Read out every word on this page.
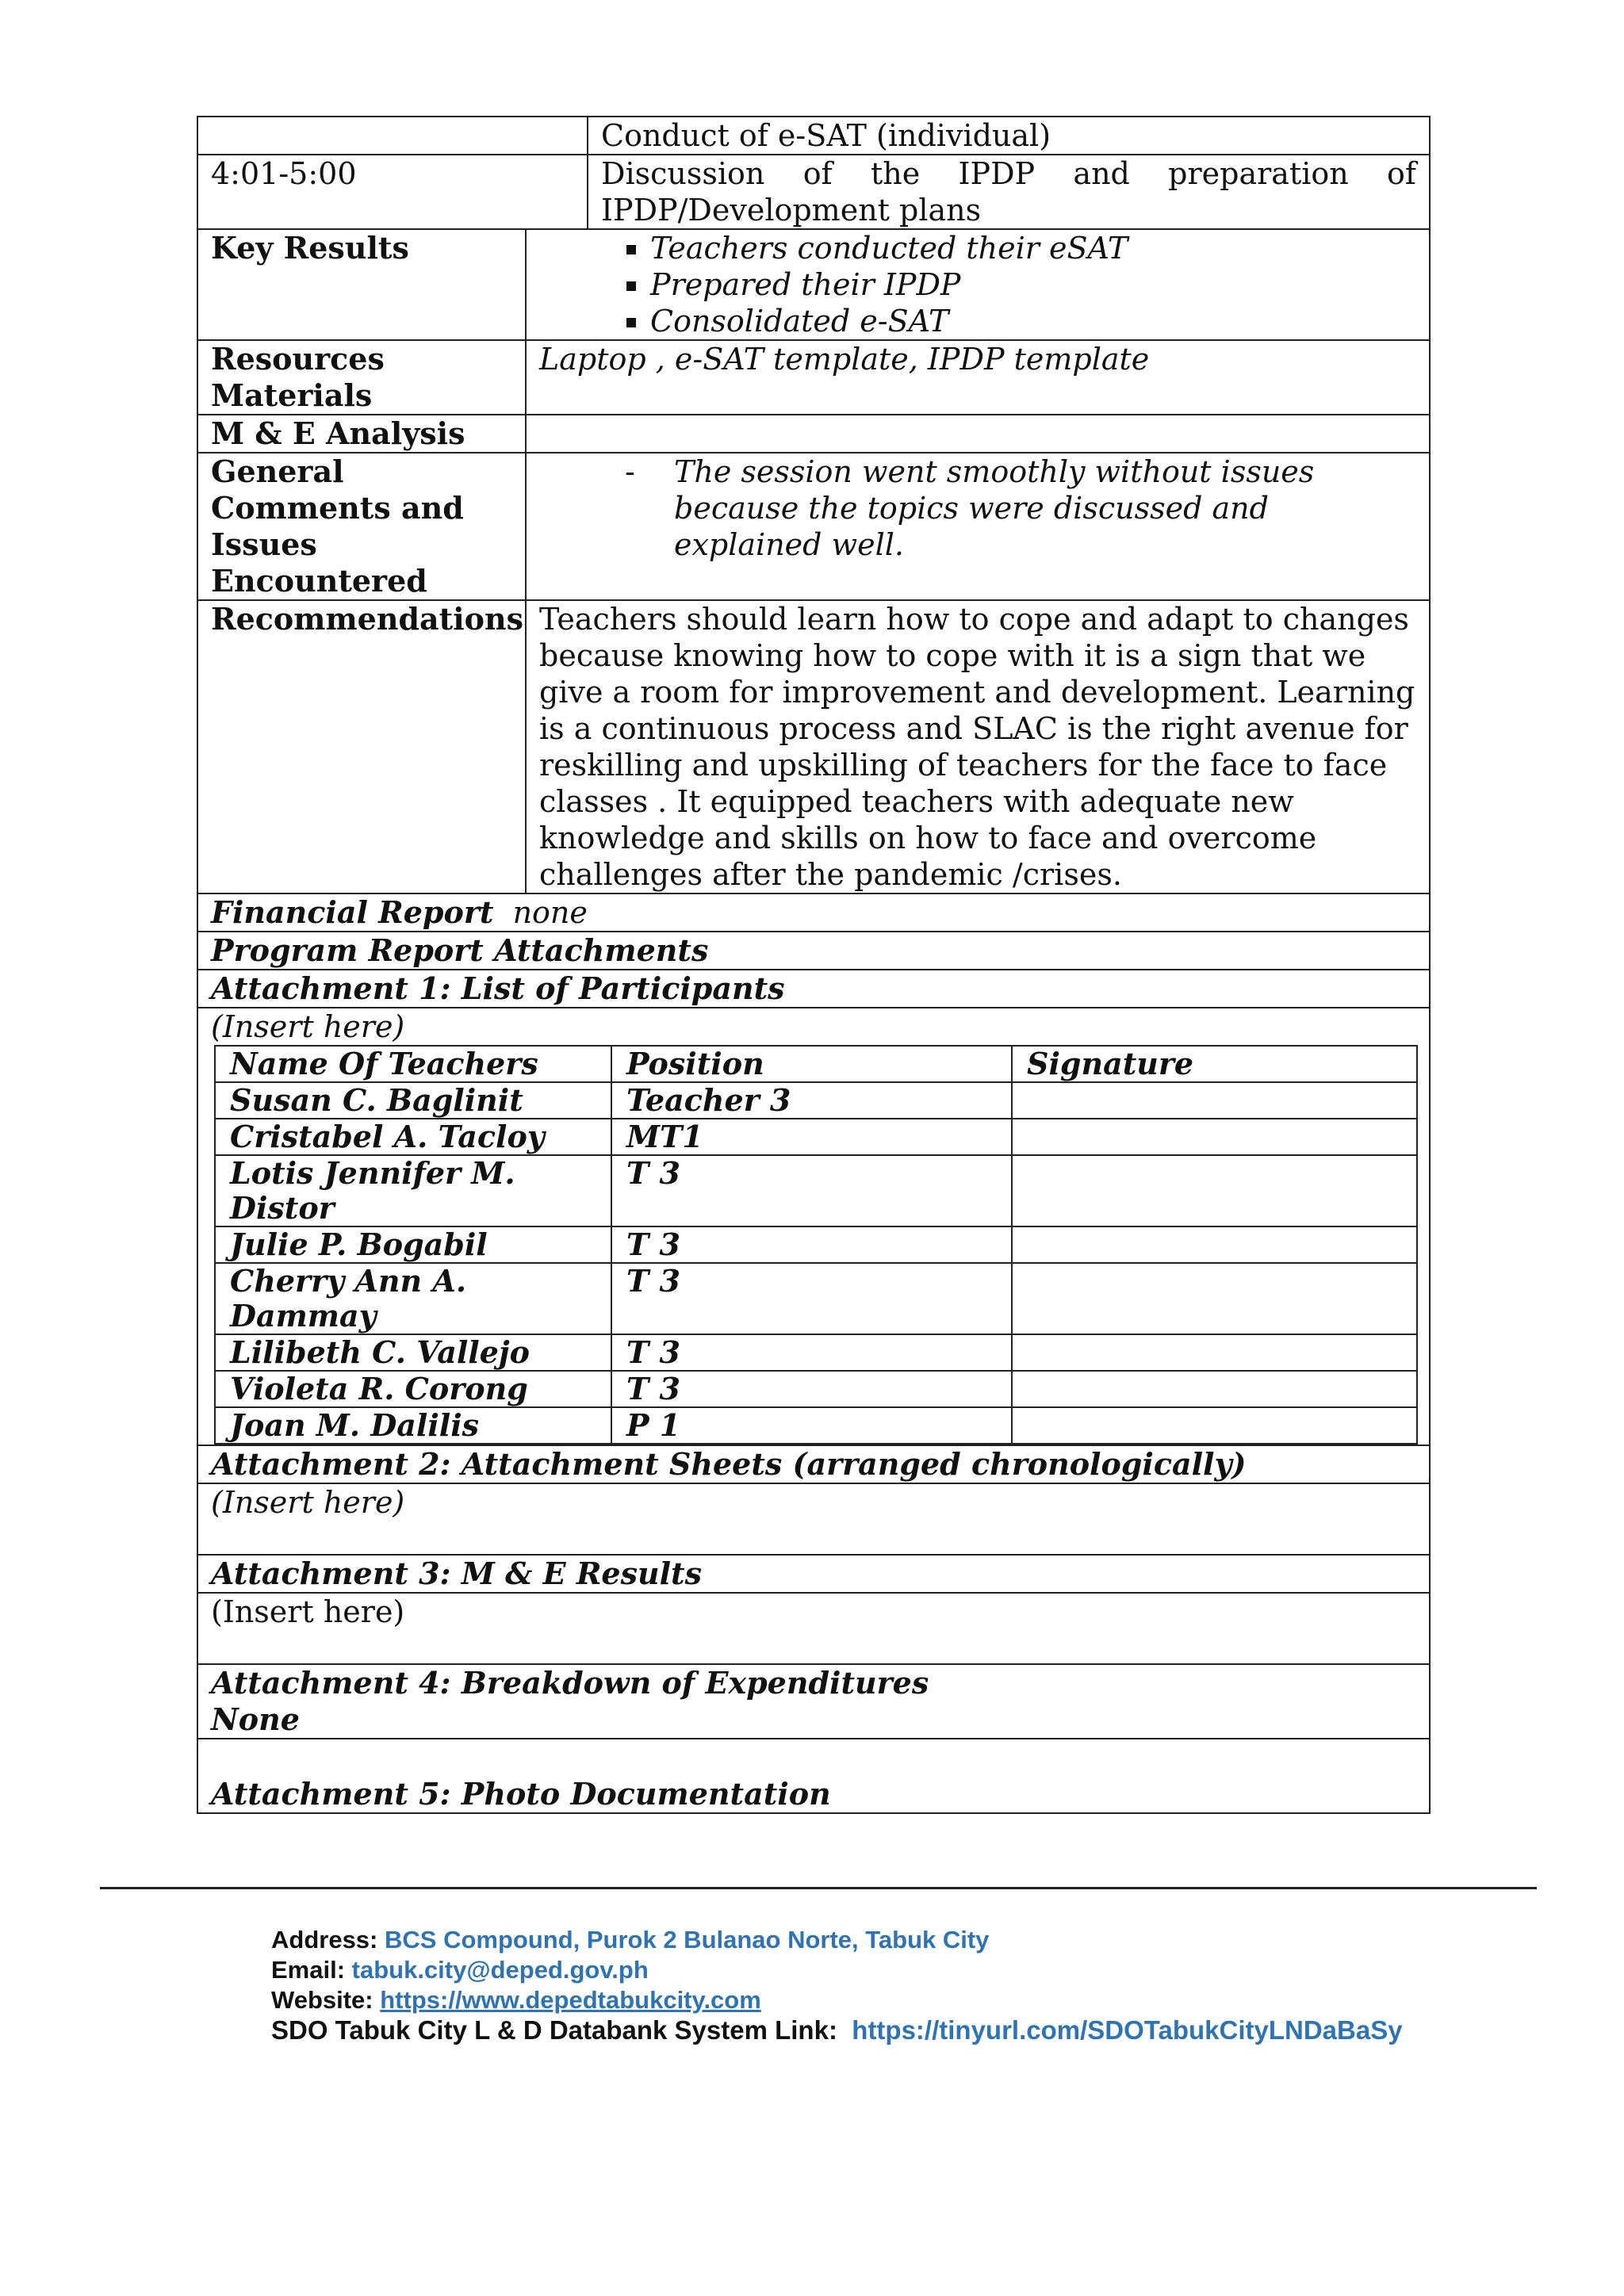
	Conduct of e-SAT (individual)
4:01-5:00	Discussion of the IPDP and preparation of IPDP/Development plans
Key Results	
▪Teachers conducted their eSAT
▪ Prepared their IPDP
▪ Consolidated e-SAT

Resources Materials	Laptop , e-SAT template, IPDP template
M & E Analysis	
General Comments and Issues Encountered	
- The session went smoothly without issues because the topics were discussed and explained well.

Recommendations	Teachers should learn how to cope and adapt to changes because knowing how to cope with it is a sign that we give a room for improvement and development. Learning is a continuous process and SLAC is the right avenue for reskilling and upskilling of teachers for the face to face classes . It equipped teachers with adequate new knowledge and skills on how to face and overcome challenges after the pandemic /crises.
Financial Report none
Program Report Attachments
Attachment 1: List of Participants

(Insert here)
Name Of Teachers	Position	Signature
Susan C. Baglinit	Teacher 3	
Cristabel A. Tacloy	MT1	
Lotis Jennifer M. Distor	T 3	
Julie P. Bogabil	T 3	
Cherry Ann A. Dammay	T 3	
Lilibeth C. Vallejo	T 3	
Violeta R. Corong	T 3	
Joan M. Dalilis	P 1	

Attachment 2: Attachment Sheets (arranged chronologically)
(Insert here)
Attachment 3: M & E Results
(Insert here)

Attachment 4: Breakdown of Expenditures
None

Attachment 5: Photo Documentation
Address: BCS Compound, Purok 2 Bulanao Norte, Tabuk City
Email: tabuk.city@deped.gov.ph
Website: https://www.depedtabukcity.com
SDO Tabuk City L & D Databank System Link: https://tinyurl.com/SDOTabukCityLNDaBaSy
